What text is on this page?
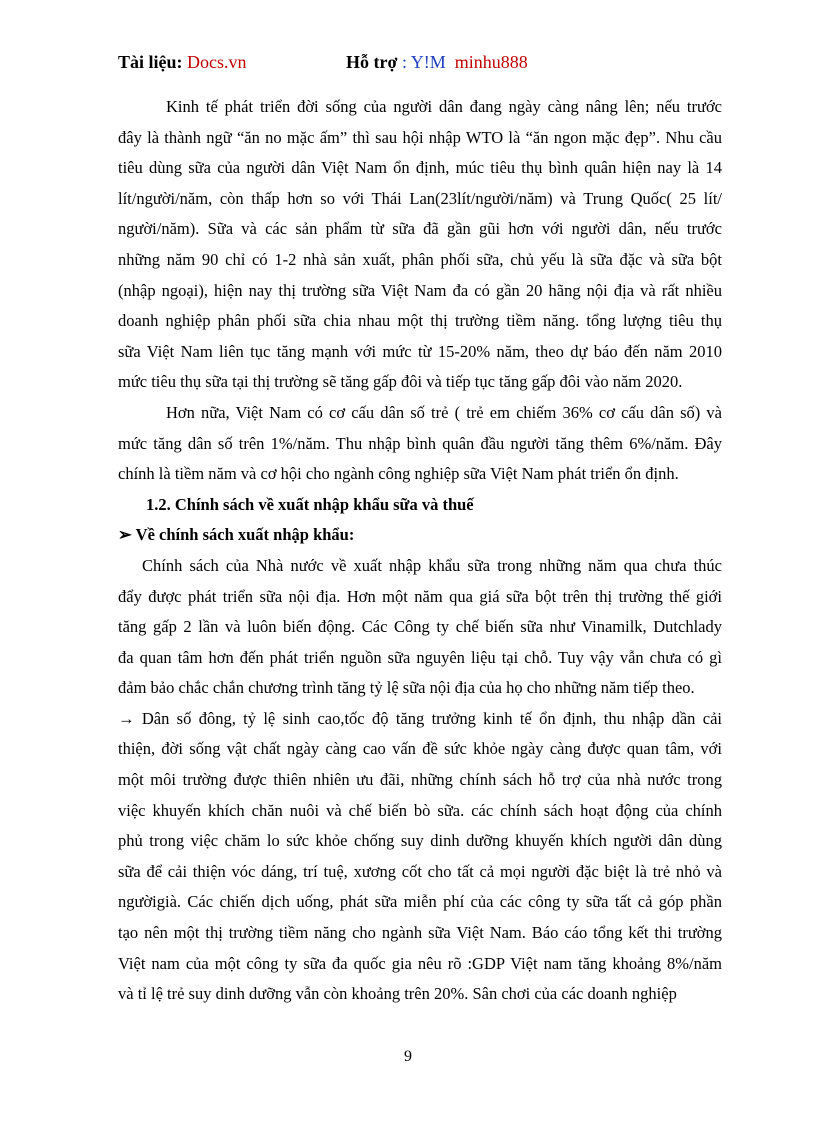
Tài liệu: Docs.vn	Hỗ trợ : Y!M minhu888

Kinh tế phát triển đời sống của người dân đang ngày càng nâng lên; nếu trước

đây là thành ngữ “ăn no mặc ấm” thì sau hội nhập WTO là “ăn ngon mặc đẹp”. Nhu cầu

tiêu dùng sữa của người dân Việt Nam ổn định, múc tiêu thụ bình quân hiện nay là 14

lít/người/năm, còn thấp hơn so với Thái Lan(23lít/người/năm) và Trung Quốc( 25 lít/

người/năm). Sữa và các sản phẩm từ sữa đã gần gũi hơn với người dân, nếu trước

những năm 90 chỉ có 1-2 nhà sản xuất, phân phối sữa, chủ yếu là sữa đặc và sữa bột

(nhập ngoại), hiện nay thị trường sữa Việt Nam đa có gần 20 hãng nội địa và rất nhiều

doanh nghiệp phân phối sữa chia nhau một thị trường tiềm năng. tổng lượng tiêu thụ

sữa Việt Nam liên tục tăng mạnh với mức từ 15-20% năm, theo dự báo đến năm 2010

mức tiêu thụ sữa tại thị trường sẽ tăng gấp đôi và tiếp tục tăng gấp đôi vào năm 2020.

Hơn nữa, Việt Nam có cơ cấu dân số trẻ ( trẻ em chiếm 36% cơ cấu dân số) và

mức tăng dân số trên 1%/năm. Thu nhập bình quân đầu người tăng thêm 6%/năm. Đây

chính là tiềm năm và cơ hội cho ngành công nghiệp sữa Việt Nam phát triển ổn định.

1.2. Chính sách về xuất nhập khẩu sữa và thuế

➢ Về chính sách xuất nhập khẩu:

Chính sách của Nhà nước về xuất nhập khẩu sữa trong những năm qua chưa thúc

đẩy được phát triển sữa nội địa. Hơn một năm qua giá sữa bột trên thị trường thế giới

tăng gấp 2 lần và luôn biến động. Các Công ty chế biến sữa như Vinamilk, Dutchlady

đa quan tâm hơn đến phát triển nguồn sữa nguyên liệu tại chỗ. Tuy vậy vẫn chưa có gì

đảm bảo chắc chắn chương trình tăng tỷ lệ sữa nội địa của họ cho những năm tiếp theo.

→ Dân số đông, tỷ lệ sinh cao,tốc độ tăng trưởng kinh tế ổn định, thu nhập dần cải

thiện, đời sống vật chất ngày càng cao vấn đề sức khỏe ngày càng được quan tâm, với

một môi trường được thiên nhiên ưu đãi, những chính sách hỗ trợ của nhà nước trong

việc khuyến khích chăn nuôi và chế biến bò sữa. các chính sách hoạt động của chính

phủ trong việc chăm lo sức khỏe chống suy dinh dưỡng khuyến khích người dân dùng

sữa để cải thiện vóc dáng, trí tuệ, xương cốt cho tất cả mọi người đặc biệt là trẻ nhỏ và

ngườigià. Các chiến dịch uống, phát sữa miễn phí của các công ty sữa tất cả góp phần

tạo nên một thị trường tiềm năng cho ngành sữa Việt Nam. Báo cáo tổng kết thi trường

Việt nam của một công ty sữa đa quốc gia nêu rõ :GDP Việt nam tăng khoảng 8%/năm

và tỉ lệ trẻ suy dinh dưỡng vẫn còn khoảng trên 20%. Sân chơi của các doanh nghiệp

9
